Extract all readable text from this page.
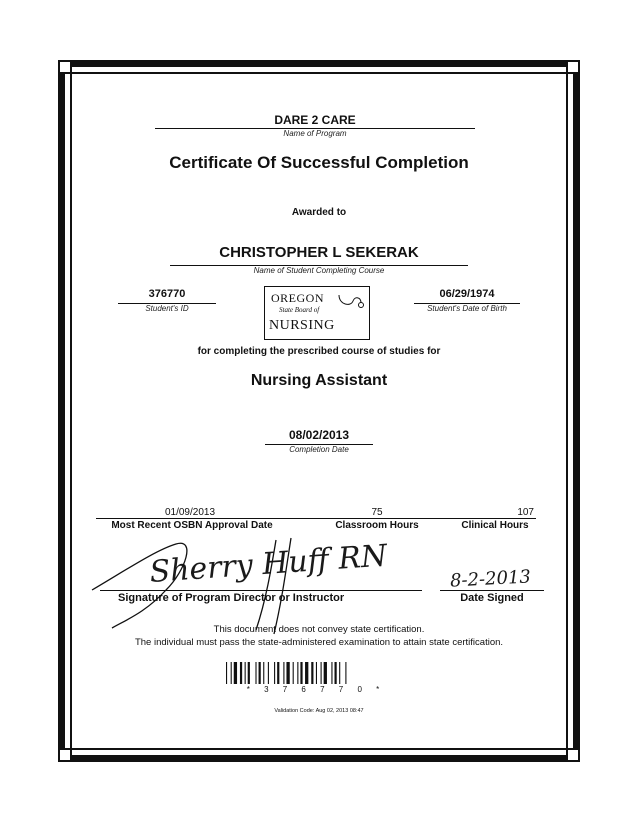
DARE 2 CARE
Name of Program
Certificate Of Successful Completion
Awarded to
CHRISTOPHER L SEKERAK
Name of Student Completing Course
376770
Student's ID
OREGON
State Board of
NURSING
06/29/1974
Student's Date of Birth
for completing the prescribed course of studies for
Nursing Assistant
08/02/2013
Completion Date
01/09/2013	75	107
Most Recent OSBN Approval Date	Classroom Hours	Clinical Hours
Sherry Huff RN
Signature of Program Director or Instructor
8-2-2013
Date Signed
This document does not convey state certification.
The individual must pass the state-administered examination to attain state certification.
* 3 7 6 7 7 0 *
Validation Code: Aug 02, 2013 08:47
